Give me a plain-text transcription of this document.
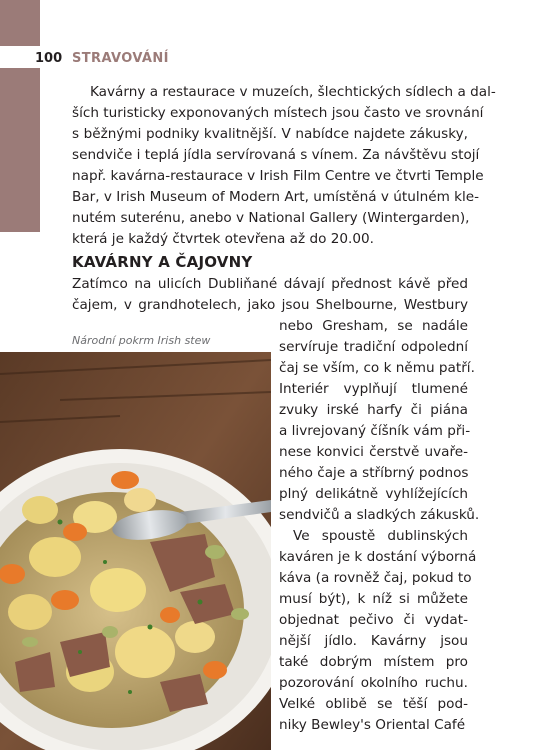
100 STRAVOVÁNÍ
Kavárny a restaurace v muzeích, šlechtických sídlech a dal-
ších turisticky exponovaných místech jsou často ve srovnání
s běžnými podniky kvalitnější. V nabídce najdete zákusky,
sendviče i teplá jídla servírovaná s vínem. Za návštěvu stojí
např. kavárna-restaurace v Irish Film Centre ve čtvrti Temple
Bar, v Irish Museum of Modern Art, umístěná v útulném kle-
nutém suterénu, anebo v National Gallery (Wintergarden),
která je každý čtvrtek otevřena až do 20.00.
KAVÁRNY A ČAJOVNY
Zatímco na ulicích Dubliňané dávají přednost kávě před
čajem, v grandhotelech, jako jsou Shelbourne, Westbury
nebo Gresham, se nadále
servíruje tradiční odpolední
čaj se vším, co k němu patří.
Interiér vyplňují tlumené
zvuky irské harfy či piána
a livrejovaný číšník vám při-
nese konvici čerstvě uvaře-
ného čaje a stříbrný podnos
plný delikátně vyhlížejících
sendvičů a sladkých zákusků.
Ve spoustě dublinských
kaváren je k dostání výborná
káva (a rovněž čaj, pokud to
musí být), k níž si můžete
objednat pečivo či vydat-
nější jídlo. Kavárny jsou
také dobrým místem pro
pozorování okolního ruchu.
Velké oblibě se těší pod-
niky Bewley's Oriental Café
Národní pokrm Irish stew
